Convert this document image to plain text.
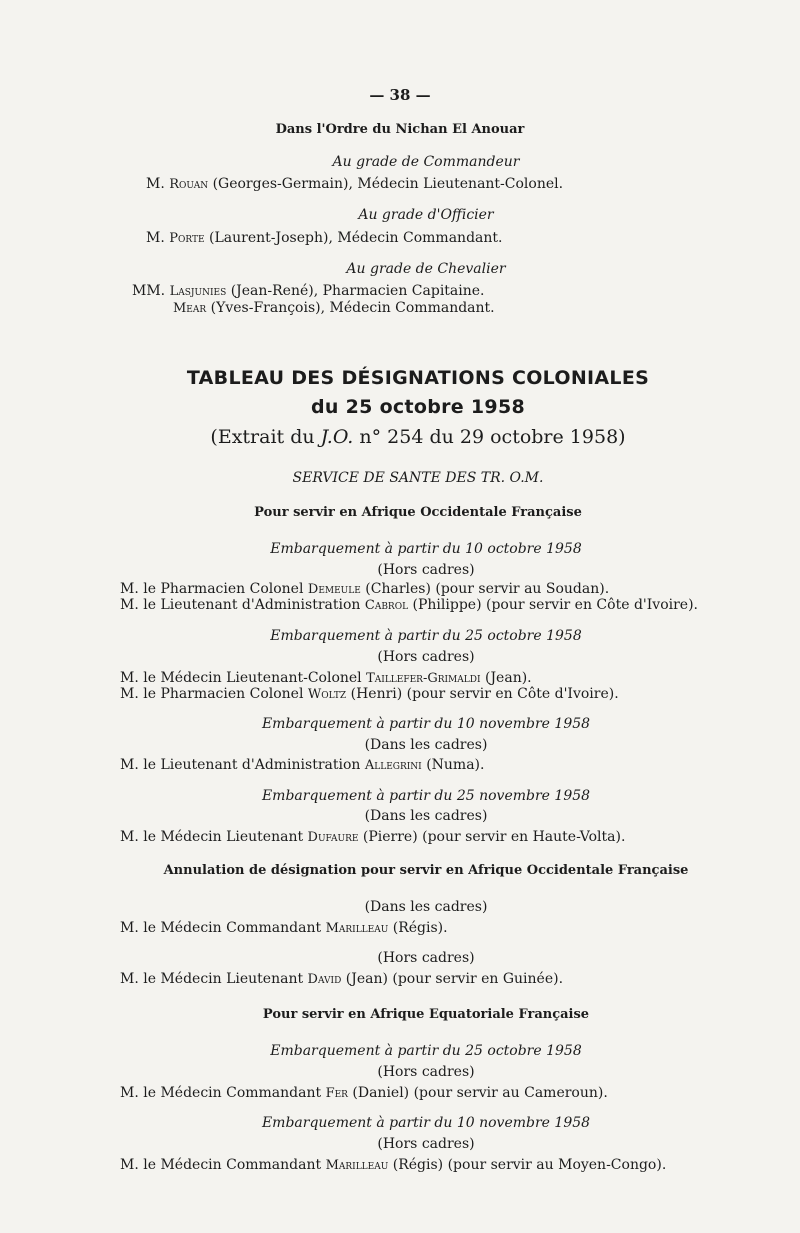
— 38 —
Dans l'Ordre du Nichan El Anouar
Au grade de Commandeur
M. Rouan (Georges-Germain), Médecin Lieutenant-Colonel.
Au grade d'Officier
M. Porte (Laurent-Joseph), Médecin Commandant.
Au grade de Chevalier
MM. Lasjunies (Jean-René), Pharmacien Capitaine.
Mear (Yves-François), Médecin Commandant.
TABLEAU DES DÉSIGNATIONS COLONIALES
du 25 octobre 1958
(Extrait du J.O. n° 254 du 29 octobre 1958)
SERVICE DE SANTE DES TR. O.M.
Pour servir en Afrique Occidentale Française
Embarquement à partir du 10 octobre 1958
(Hors cadres)
M. le Pharmacien Colonel Demeule (Charles) (pour servir au Soudan).
M. le Lieutenant d'Administration Cabrol (Philippe) (pour servir en Côte d'Ivoire).
Embarquement à partir du 25 octobre 1958
(Hors cadres)
M. le Médecin Lieutenant-Colonel Taillefer-Grimaldi (Jean).
M. le Pharmacien Colonel Woltz (Henri) (pour servir en Côte d'Ivoire).
Embarquement à partir du 10 novembre 1958
(Dans les cadres)
M. le Lieutenant d'Administration Allegrini (Numa).
Embarquement à partir du 25 novembre 1958
(Dans les cadres)
M. le Médecin Lieutenant Dufaure (Pierre) (pour servir en Haute-Volta).
Annulation de désignation pour servir en Afrique Occidentale Française
(Dans les cadres)
M. le Médecin Commandant Marilleau (Régis).
(Hors cadres)
M. le Médecin Lieutenant David (Jean) (pour servir en Guinée).
Pour servir en Afrique Equatoriale Française
Embarquement à partir du 25 octobre 1958
(Hors cadres)
M. le Médecin Commandant Fer (Daniel) (pour servir au Cameroun).
Embarquement à partir du 10 novembre 1958
(Hors cadres)
M. le Médecin Commandant Marilleau (Régis) (pour servir au Moyen-Congo).
